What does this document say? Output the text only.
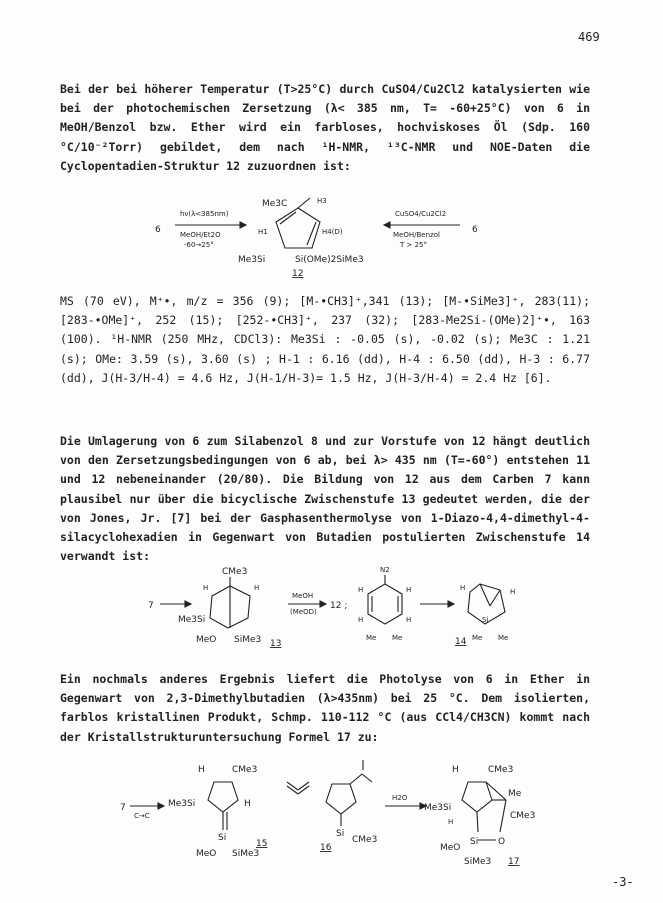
469
Bei der bei höherer Temperatur (T>25°C) durch CuSO4/Cu2Cl2 katalysierten wie bei der photochemischen Zersetzung (λ< 385 nm, T= -60+25°C) von 6 in MeOH/Benzol bzw. Ether wird ein farbloses, hochviskoses Öl (Sdp. 160 °C/10⁻²Torr) gebildet, dem nach ¹H-NMR, ¹³C-NMR und NOE-Daten die Cyclopentadien-Struktur 12 zuzuordnen ist:
6
hν(λ<385nm)
MeOH/Et2O
-60→25°
Me3C	H3
H1	H4(D)
Me3Si	Si(OMe)2SiMe3
12
CuSO4/Cu2Cl2
MeOH/Benzol
T > 25°
6
MS (70 eV), M⁺•, m/z = 356 (9); [M-•CH3]⁺,341 (13); [M-•SiMe3]⁺, 283(11); [283-•OMe]⁺, 252 (15); [252-•CH3]⁺, 237 (32); [283-Me2Si-(OMe)2]⁺•, 163 (100). ¹H-NMR (250 MHz, CDCl3): Me3Si : -0.05 (s), -0.02 (s); Me3C : 1.21 (s); OMe: 3.59 (s), 3.60 (s) ; H-1 : 6.16 (dd), H-4 : 6.50 (dd), H-3 : 6.77 (dd), J(H-3/H-4) = 4.6 Hz, J(H-1/H-3)= 1.5 Hz, J(H-3/H-4) = 2.4 Hz [6].
Die Umlagerung von 6 zum Silabenzol 8 und zur Vorstufe von 12 hängt deutlich von den Zersetzungsbedingungen von 6 ab, bei λ> 435 nm (T=-60°) entstehen 11 und 12 nebeneinander (20/80). Die Bildung von 12 aus dem Carben 7 kann plausibel nur über die bicyclische Zwischenstufe 13 gedeutet werden, die der von Jones, Jr. [7] bei der Gasphasenthermolyse von 1-Diazo-4,4-dimethyl-4-silacyclohexadien in Gegenwart von Butadien postulierten Zwischenstufe 14 verwandt ist:
7
CMe3
H	H
Me3Si
MeO SiMe3 13
MeOH
(MeOD)
12 ;
N2
H	H
H	H
Me Me
H	H
Si
Me Me
14
Ein nochmals anderes Ergebnis liefert die Photolyse von 6 in Ether in Gegenwart von 2,3-Dimethylbutadien (λ>435nm) bei 25 °C. Dem isolierten, farblos kristallinen Produkt, Schmp. 110-112 °C (aus CCl4/CH3CN) kommt nach der Kristallstrukturuntersuchung Formel 17 zu:
7
C→C
H	CMe3
Me3Si	H
Si
MeO SiMe3
15
Si
CMe3
16
H2O
H	CMe3
Me3Si
Me
H
CMe3
Si O
MeO
SiMe3 17
-3-
